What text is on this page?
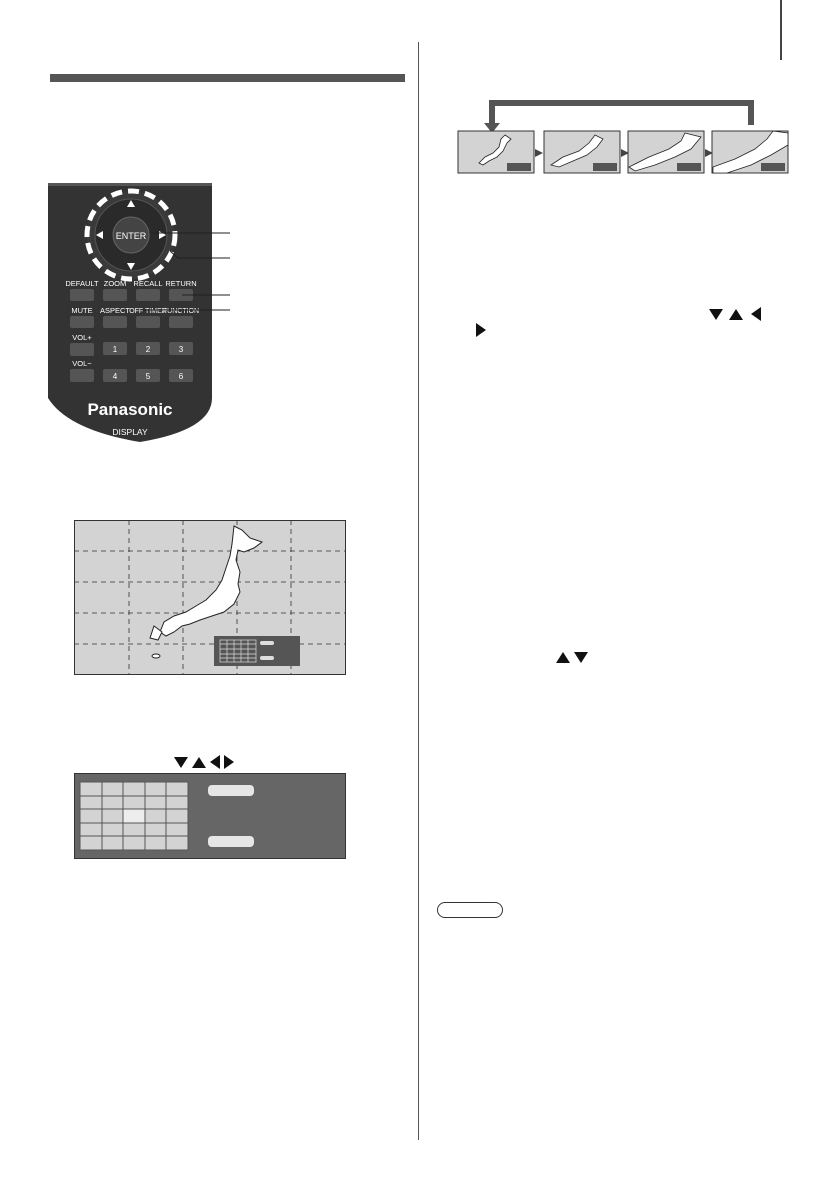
ENTER
DEFAULT ZOOM RECALL RETURN
MUTE ASPECT OFF TIMER
FUNCTION
VOL+
VOL−
1	2	3
4	5	6
Panasonic
DISPLAY
